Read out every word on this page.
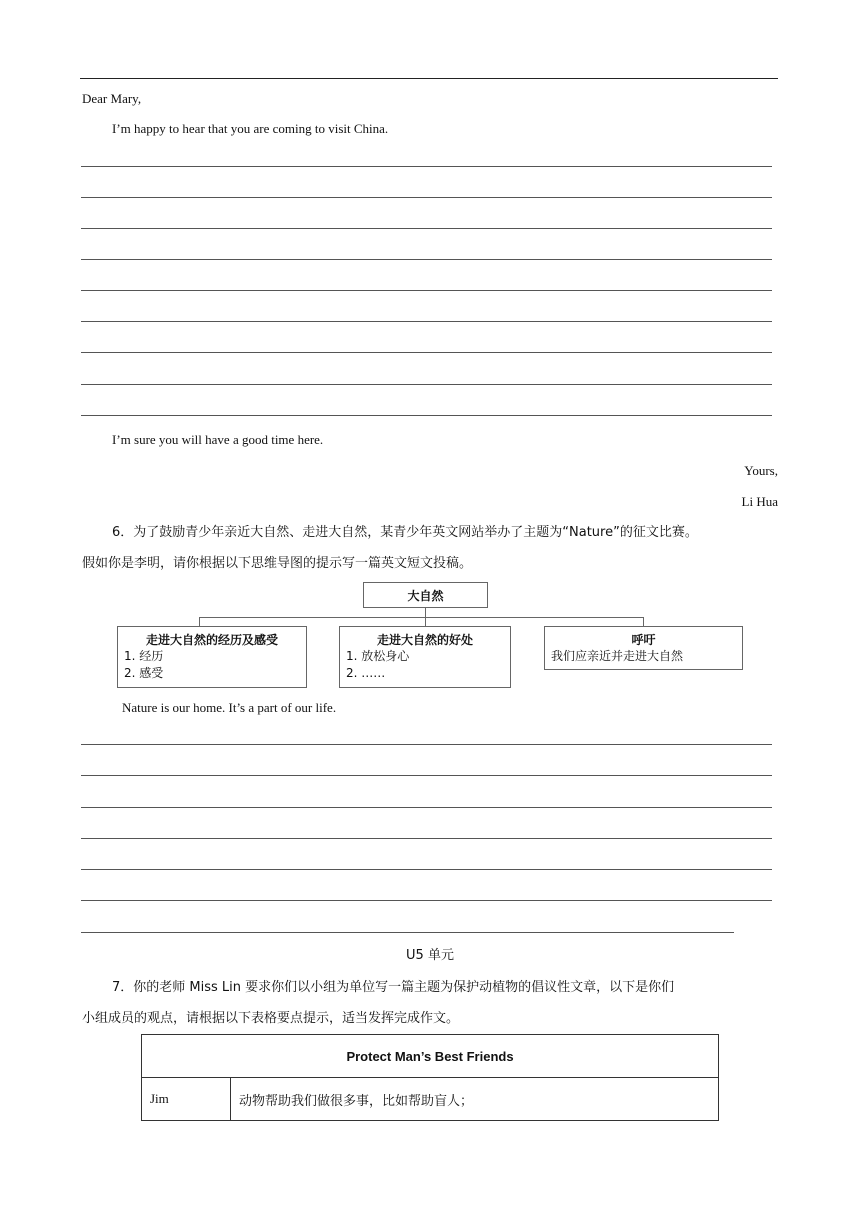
Dear Mary,
I’m happy to hear that you are coming to visit China.
I’m sure you will have a good time here.
Yours,
Li Hua
6．为了鼓励青少年亲近大自然、走进大自然，某青少年英文网站举办了主题为“Nature”的征文比赛。
假如你是李明，请你根据以下思维导图的提示写一篇英文短文投稿。
大自然
走进大自然的经历及感受
1. 经历
2. 感受
走进大自然的好处
1. 放松身心
2. ……
呼吁
我们应亲近并走进大自然
Nature is our home. It’s a part of our life.
U5 单元
7．你的老师 Miss Lin 要求你们以小组为单位写一篇主题为保护动植物的倡议性文章，以下是你们
小组成员的观点，请根据以下表格要点提示，适当发挥完成作文。
Protect Man’s Best Friends
Jim	动物帮助我们做很多事，比如帮助盲人；
